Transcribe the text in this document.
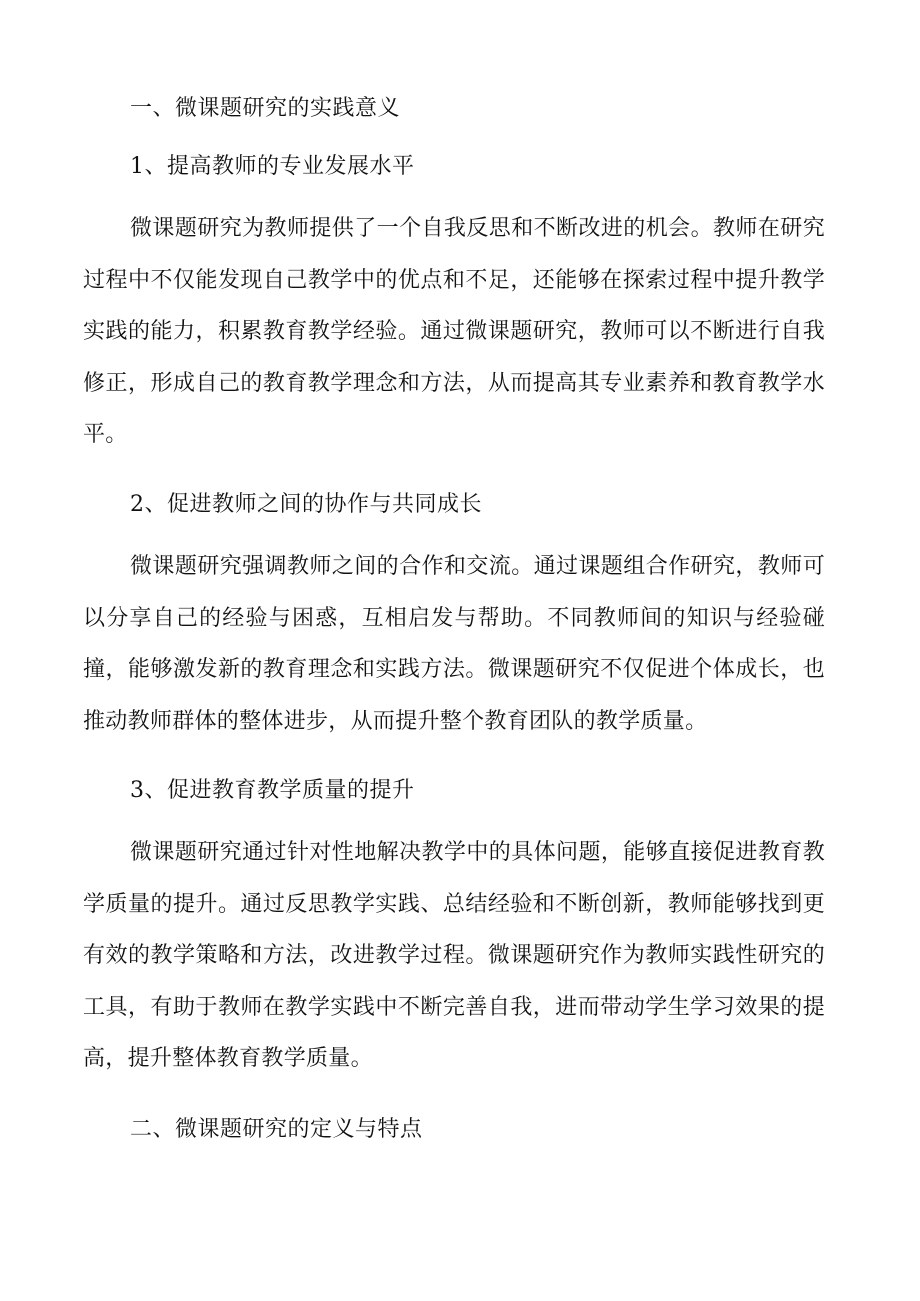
一、微课题研究的实践意义
1、提高教师的专业发展水平
微课题研究为教师提供了一个自我反思和不断改进的机会。教师在研究过程中不仅能发现自己教学中的优点和不足，还能够在探索过程中提升教学实践的能力，积累教育教学经验。通过微课题研究，教师可以不断进行自我修正，形成自己的教育教学理念和方法，从而提高其专业素养和教育教学水平。
2、促进教师之间的协作与共同成长
微课题研究强调教师之间的合作和交流。通过课题组合作研究，教师可以分享自己的经验与困惑，互相启发与帮助。不同教师间的知识与经验碰撞，能够激发新的教育理念和实践方法。微课题研究不仅促进个体成长，也推动教师群体的整体进步，从而提升整个教育团队的教学质量。
3、促进教育教学质量的提升
微课题研究通过针对性地解决教学中的具体问题，能够直接促进教育教学质量的提升。通过反思教学实践、总结经验和不断创新，教师能够找到更有效的教学策略和方法，改进教学过程。微课题研究作为教师实践性研究的工具，有助于教师在教学实践中不断完善自我，进而带动学生学习效果的提高，提升整体教育教学质量。
二、微课题研究的定义与特点
